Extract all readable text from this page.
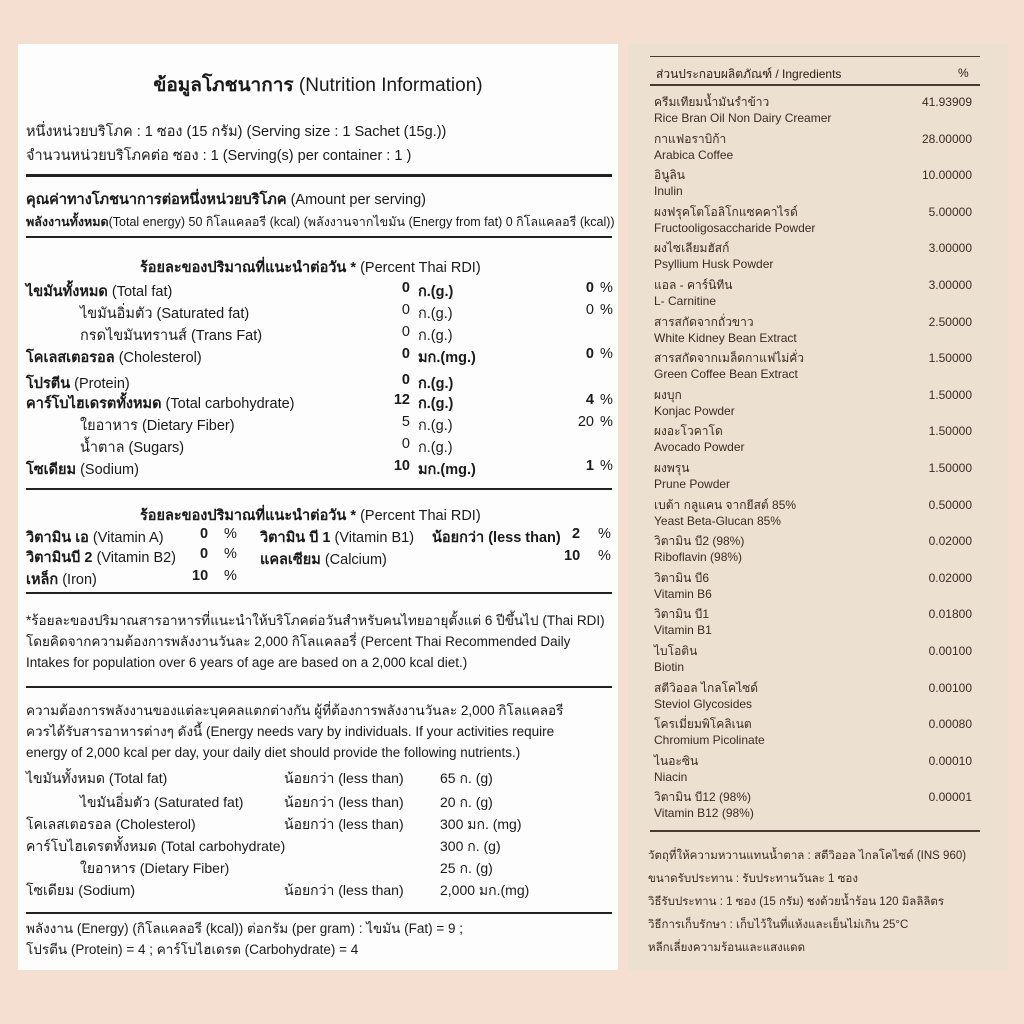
ข้อมูลโภชนาการ (Nutrition Information)
หนึ่งหน่วยบริโภค : 1 ซอง (15 กรัม) (Serving size : 1 Sachet (15g.))
จำนวนหน่วยบริโภคต่อ ซอง : 1 (Serving(s) per container : 1 )
คุณค่าทางโภชนาการต่อหนึ่งหน่วยบริโภค (Amount per serving)
พลังงานทั้งหมด(Total energy) 50 กิโลแคลอรี (kcal) (พลังงานจากไขมัน (Energy from fat) 0 กิโลแคลอรี (kcal))
ร้อยละของปริมาณที่แนะนำต่อวัน * (Percent Thai RDI)
ไขมันทั้งหมด (Total fat)	0 ก.(g.)	0 %
ไขมันอิ่มตัว (Saturated fat)	0 ก.(g.)	0 %
กรดไขมันทรานส์ (Trans Fat)	0 ก.(g.)
โคเลสเตอรอล (Cholesterol)	0 มก.(mg.)	0 %
โปรตีน (Protein)	0 ก.(g.)
คาร์โบไฮเดรตทั้งหมด (Total carbohydrate)	12 ก.(g.)	4 %
ใยอาหาร (Dietary Fiber)	5 ก.(g.)	20 %
น้ำตาล (Sugars)	0 ก.(g.)
โซเดียม (Sodium)	10 มก.(mg.)	1 %
ร้อยละของปริมาณที่แนะนำต่อวัน * (Percent Thai RDI)
วิตามิน เอ (Vitamin A)	0 % วิตามิน บี 1 (Vitamin B1) น้อยกว่า (less than) 2 %
วิตามินบี 2 (Vitamin B2) 0 % แคลเซียม (Calcium)	10 %
เหล็ก (Iron)	10 %
*ร้อยละของปริมาณสารอาหารที่แนะนำให้บริโภคต่อวันสำหรับคนไทยอายุตั้งแต่ 6 ปีขึ้นไป (Thai RDI)
โดยคิดจากความต้องการพลังงานวันละ 2,000 กิโลแคลอรี่ (Percent Thai Recommended Daily
Intakes for population over 6 years of age are based on a 2,000 kcal diet.)
ความต้องการพลังงานของแต่ละบุคคลแตกต่างกัน ผู้ที่ต้องการพลังงานวันละ 2,000 กิโลแคลอรี
ควรได้รับสารอาหารต่างๆ ดังนี้ (Energy needs vary by individuals. If your activities require
energy of 2,000 kcal per day, your daily diet should provide the following nutrients.)
ไขมันทั้งหมด (Total fat)	น้อยกว่า (less than)	65 ก. (g)
ไขมันอิ่มตัว (Saturated fat)	น้อยกว่า (less than)	20 ก. (g)
โคเลสเตอรอล (Cholesterol)	น้อยกว่า (less than)	300 มก. (mg)
คาร์โบไฮเดรตทั้งหมด (Total carbohydrate)	300 ก. (g)
ใยอาหาร (Dietary Fiber)	25 ก. (g)
โซเดียม (Sodium)	น้อยกว่า (less than)	2,000 มก.(mg)
พลังงาน (Energy) (กิโลแคลอรี (kcal)) ต่อกรัม (per gram) : ไขมัน (Fat) = 9 ;
โปรตีน (Protein) = 4 ; คาร์โบไฮเดรต (Carbohydrate) = 4
ส่วนประกอบผลิตภัณฑ์ / Ingredients	%
ครีมเทียมน้ำมันรำข้าว
Rice Bran Oil Non Dairy Creamer
41.93909
กาแฟอราบิก้า
Arabica Coffee
28.00000
อินูลิน
Inulin
10.00000
ผงฟรุคโตโอลิโกแซคคาไรด์
Fructooligosaccharide Powder
5.00000
ผงไซเลียมฮัสก์
Psyllium Husk Powder
3.00000
แอล - คาร์นิทีน
L- Carnitine
3.00000
สารสกัดจากถั่วขาว
White Kidney Bean Extract
2.50000
สารสกัดจากเมล็ดกาแฟไม่คั่ว
Green Coffee Bean Extract
1.50000
ผงบุก
Konjac Powder
1.50000
ผงอะโวคาโด
Avocado Powder
1.50000
ผงพรุน
Prune Powder
1.50000
เบต้า กลูแคน จากยีสต์ 85%
Yeast Beta-Glucan 85%
0.50000
วิตามิน บี2 (98%)
Riboflavin (98%)
0.02000
วิตามิน บี6
Vitamin B6
0.02000
วิตามิน บี1
Vitamin B1
0.01800
ไบโอติน
Biotin
0.00100
สตีวิออล ไกลโคไซด์
Steviol Glycosides
0.00100
โครเมี่ยมพิโคลิเนต
Chromium Picolinate
0.00080
ไนอะซิน
Niacin
0.00010
วิตามิน บี12 (98%)
Vitamin B12 (98%)
0.00001
วัตถุที่ให้ความหวานแทนน้ำตาล : สตีวิออล ไกลโคไซด์ (INS 960)
ขนาดรับประทาน : รับประทานวันละ 1 ซอง
วิธีรับประทาน : 1 ซอง (15 กรัม) ชงด้วยน้ำร้อน 120 มิลลิลิตร
วิธีการเก็บรักษา : เก็บไว้ในที่แห้งและเย็นไม่เกิน 25°C
หลีกเลี่ยงความร้อนและแสงแดด
